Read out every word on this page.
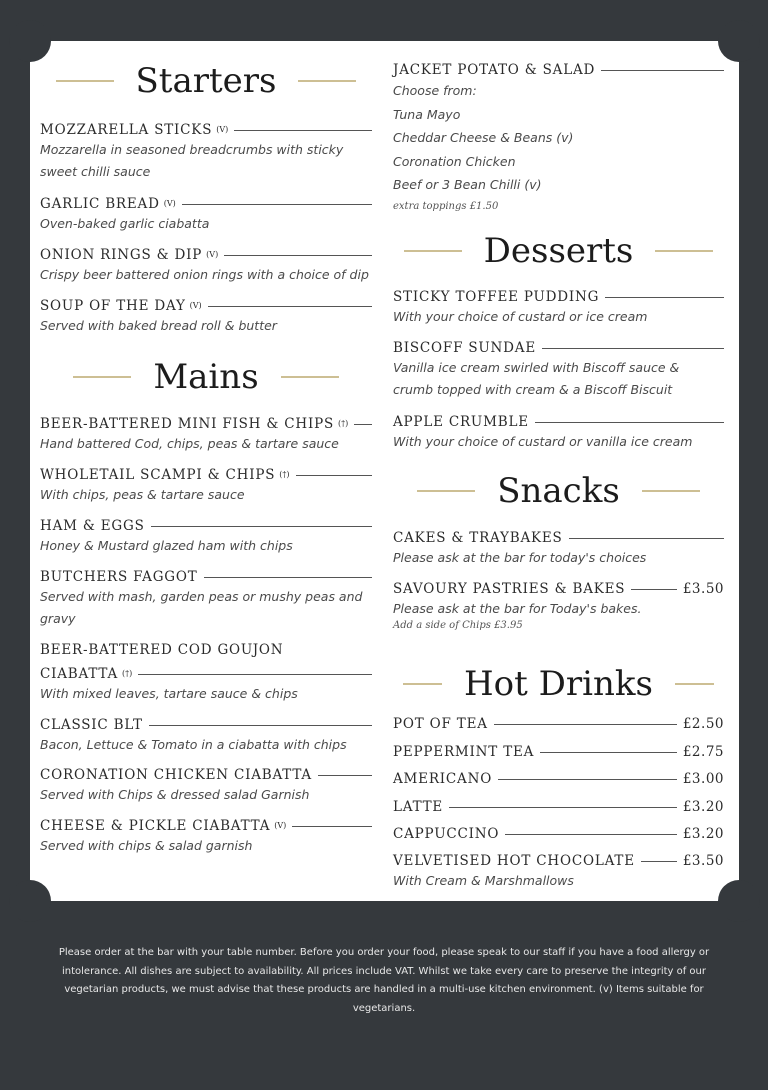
Starters
MOZZARELLA STICKS (V)
Mozzarella in seasoned breadcrumbs with sticky
sweet chilli sauce
GARLIC BREAD (V)
Oven-baked garlic ciabatta
ONION RINGS & DIP (V)
Crispy beer battered onion rings with a choice of dip
SOUP OF THE DAY (V)
Served with baked bread roll & butter
Mains
BEER-BATTERED MINI FISH & CHIPS (†)
Hand battered Cod, chips, peas & tartare sauce
WHOLETAIL SCAMPI & CHIPS (†)
With chips, peas & tartare sauce
HAM & EGGS
Honey & Mustard glazed ham with chips
BUTCHERS FAGGOT
Served with mash, garden peas or mushy peas and
gravy
BEER-BATTERED COD GOUJON
CIABATTA (†)
With mixed leaves, tartare sauce & chips
CLASSIC BLT
Bacon, Lettuce & Tomato in a ciabatta with chips
CORONATION CHICKEN CIABATTA
Served with Chips & dressed salad Garnish
CHEESE & PICKLE CIABATTA (V)
Served with chips & salad garnish
JACKET POTATO & SALAD
Choose from:
Tuna Mayo
Cheddar Cheese & Beans (v)
Coronation Chicken
Beef or 3 Bean Chilli (v)
extra toppings £1.50
Desserts
STICKY TOFFEE PUDDING
With your choice of custard or ice cream
BISCOFF SUNDAE
Vanilla ice cream swirled with Biscoff sauce &
crumb topped with cream & a Biscoff Biscuit
APPLE CRUMBLE
With your choice of custard or vanilla ice cream
Snacks
CAKES & TRAYBAKES
Please ask at the bar for today's choices
SAVOURY PASTRIES & BAKES	£3.50
Please ask at the bar for Today's bakes.
Add a side of Chips £3.95
Hot Drinks
POT OF TEA	£2.50
PEPPERMINT TEA	£2.75
AMERICANO	£3.00
LATTE	£3.20
CAPPUCCINO	£3.20
VELVETISED HOT CHOCOLATE	£3.50
With Cream & Marshmallows
Please order at the bar with your table number. Before you order your food, please speak to our staff if you have a food allergy or
intolerance. All dishes are subject to availability. All prices include VAT. Whilst we take every care to preserve the integrity of our
vegetarian products, we must advise that these products are handled in a multi-use kitchen environment. (v) Items suitable for
vegetarians.
